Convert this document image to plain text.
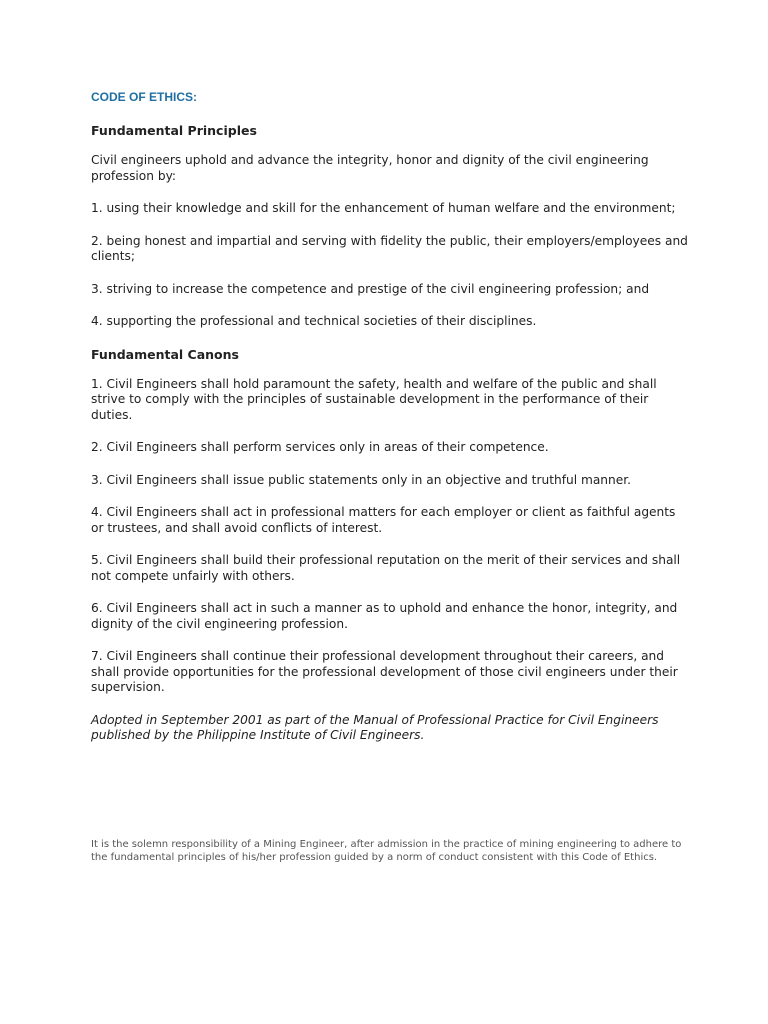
CODE OF ETHICS:
Fundamental Principles

Civil engineers uphold and advance the integrity, honor and dignity of the civil engineering profession by:

1. using their knowledge and skill for the enhancement of human welfare and the environment;

2. being honest and impartial and serving with fidelity the public, their employers/employees and clients;

3. striving to increase the competence and prestige of the civil engineering profession; and

4. supporting the professional and technical societies of their disciplines.

Fundamental Canons

1. Civil Engineers shall hold paramount the safety, health and welfare of the public and shall strive to comply with the principles of sustainable development in the performance of their duties.

2. Civil Engineers shall perform services only in areas of their competence.

3. Civil Engineers shall issue public statements only in an objective and truthful manner.

4. Civil Engineers shall act in professional matters for each employer or client as faithful agents or trustees, and shall avoid conflicts of interest.

5. Civil Engineers shall build their professional reputation on the merit of their services and shall not compete unfairly with others.

6. Civil Engineers shall act in such a manner as to uphold and enhance the honor, integrity, and dignity of the civil engineering profession.

7. Civil Engineers shall continue their professional development throughout their careers, and shall provide opportunities for the professional development of those civil engineers under their supervision.

Adopted in September 2001 as part of the Manual of Professional Practice for Civil Engineers published by the Philippine Institute of Civil Engineers.

It is the solemn responsibility of a Mining Engineer, after admission in the practice of mining engineering to adhere to the fundamental principles of his/her profession guided by a norm of conduct consistent with this Code of Ethics.
